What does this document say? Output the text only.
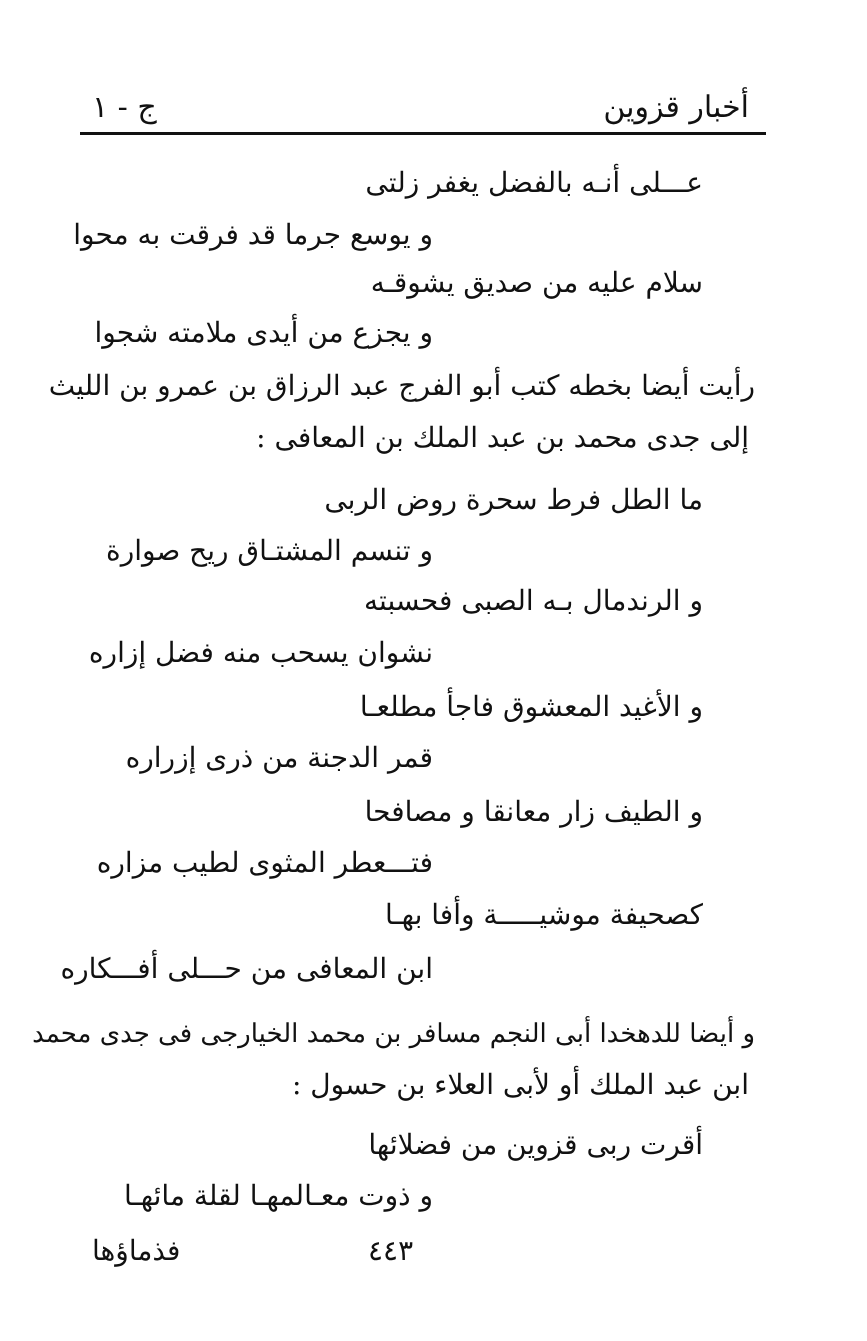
أخبار قزوين
ج - ١
عـــلى أنـه بالفضل يغفر زلتى
و يوسع جرما قد فرقت به محوا
سلام عليه من صديق يشوقـه
و يجزع من أيدى ملامته شجوا
رأيت أيضا بخطه كتب أبو الفرج عبد الرزاق بن عمرو بن الليث
إلى جدى محمد بن عبد الملك بن المعافى :
ما الطل فرط سحرة روض الربى
و تنسم المشتـاق ريح صوارة
و الرندمال بـه الصبى فحسبته
نشوان يسحب منه فضل إزاره
و الأغيد المعشوق فاجأ مطلعـا
قمر الدجنة من ذرى إزراره
و الطيف زار معانقا و مصافحا
فتـــعطر المثوى لطيب مزاره
كصحيفة موشيـــــة وأفا بهـا
ابن المعافى من حـــلى أفـــكاره
و أيضا للدهخدا أبى النجم مسافر بن محمد الخيارجى فى جدى محمد
ابن عبد الملك أو لأبى العلاء بن حسول :
أقرت ربى قزوين من فضلائها
و ذوت معـالمهـا لقلة مائهـا
٤٤٣
فذماؤها
